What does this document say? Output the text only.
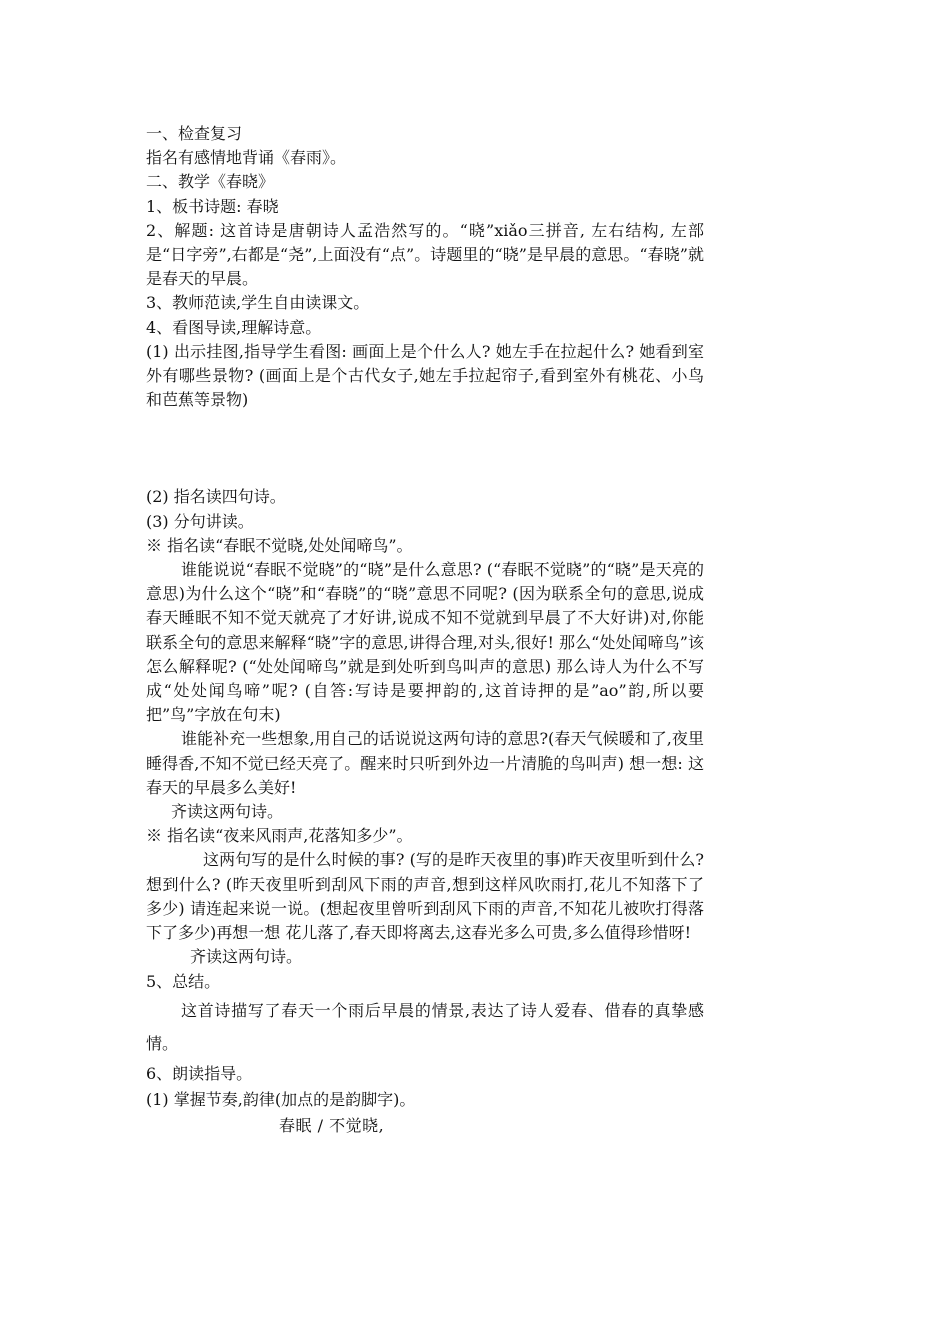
一、检查复习

指名有感情地背诵《春雨》。

二、教学《春晓》

1、板书诗题: 春晓

2、解题: 这首诗是唐朝诗人孟浩然写的。“晓”xiǎo三拼音, 左右结构, 左部是“日字旁”,右都是“尧”,上面没有“点”。诗题里的“晓”是早晨的意思。“春晓”就是春天的早晨。

3、教师范读,学生自由读课文。

4、看图导读,理解诗意。

(1) 出示挂图,指导学生看图: 画面上是个什么人? 她左手在拉起什么? 她看到室外有哪些景物? (画面上是个古代女子,她左手拉起帘子,看到室外有桃花、小鸟和芭蕉等景物)

(2) 指名读四句诗。

(3) 分句讲读。

※ 指名读“春眠不觉晓,处处闻啼鸟”。

谁能说说“春眠不觉晓”的“晓”是什么意思? (“春眠不觉晓”的“晓”是天亮的意思)为什么这个“晓”和“春晓”的“晓”意思不同呢? (因为联系全句的意思,说成春天睡眠不知不觉天就亮了才好讲,说成不知不觉就到早晨了不大好讲)对,你能联系全句的意思来解释“晓”字的意思,讲得合理,对头,很好! 那么“处处闻啼鸟”该怎么解释呢? (“处处闻啼鸟”就是到处听到鸟叫声的意思) 那么诗人为什么不写成“处处闻鸟啼”呢? (自答:写诗是要押韵的,这首诗押的是”ao”韵,所以要把”鸟”字放在句末)

谁能补充一些想象,用自己的话说说这两句诗的意思?(春天气候暖和了,夜里睡得香,不知不觉已经天亮了。醒来时只听到外边一片清脆的鸟叫声) 想一想: 这春天的早晨多么美好!

齐读这两句诗。

※ 指名读“夜来风雨声,花落知多少”。

这两句写的是什么时候的事? (写的是昨天夜里的事)昨天夜里听到什么? 想到什么? (昨天夜里听到刮风下雨的声音,想到这样风吹雨打,花儿不知落下了多少) 请连起来说一说。(想起夜里曾听到刮风下雨的声音,不知花儿被吹打得落下了多少)再想一想 花儿落了,春天即将离去,这春光多么可贵,多么值得珍惜呀!

齐读这两句诗。

5、总结。

这首诗描写了春天一个雨后早晨的情景,表达了诗人爱春、借春的真挚感情。

6、朗读指导。

(1) 掌握节奏,韵律(加点的是韵脚字)。

春眠 / 不觉晓,
